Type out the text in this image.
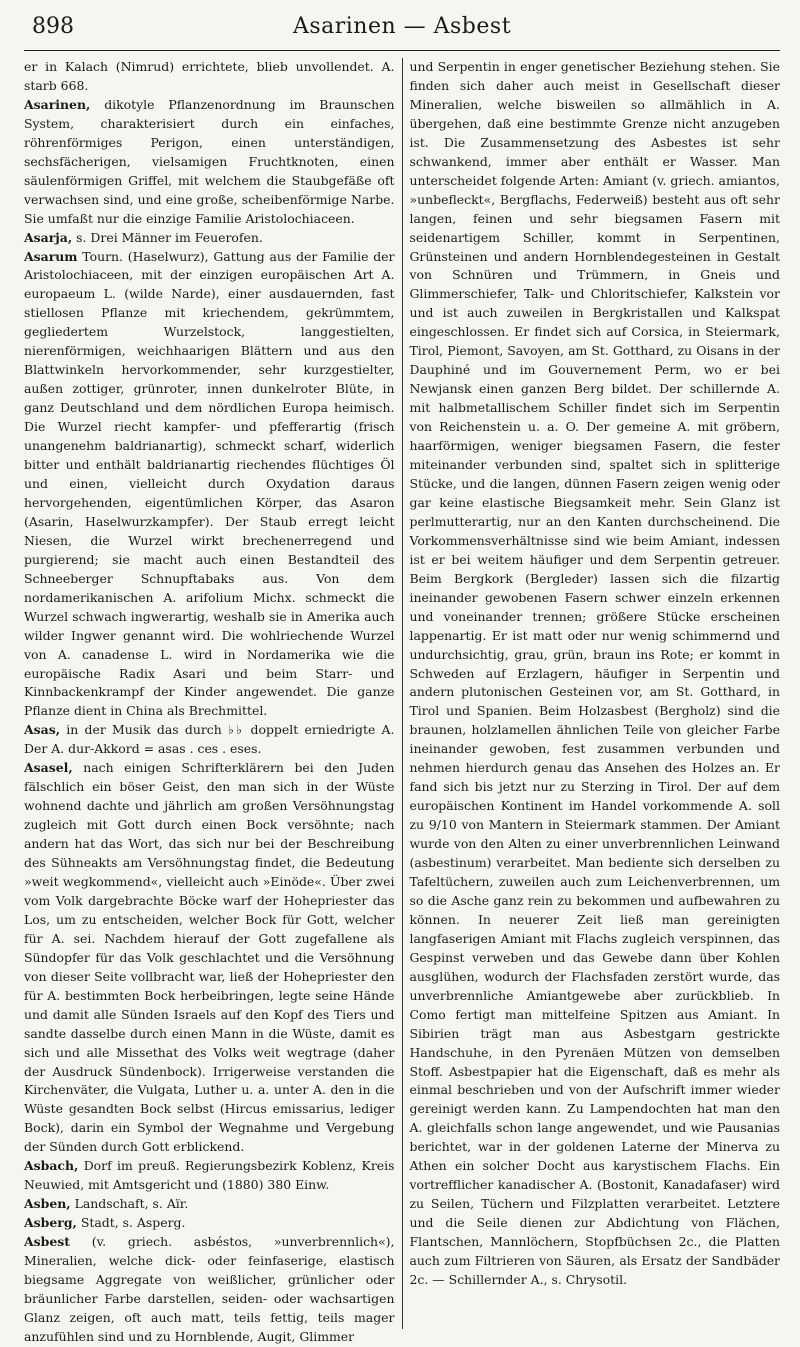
898	Asarinen — Asbest

er in Kalach (Nimrud) errichtete, blieb unvollendet. A. starb 668.

Asarinen, dikotyle Pflanzenordnung im Braunschen System, charakterisiert durch ein einfaches, röhrenförmiges Perigon, einen unterständigen, sechsfächerigen, vielsamigen Fruchtknoten, einen säulenförmigen Griffel, mit welchem die Staubgefäße oft verwachsen sind, und eine große, scheibenförmige Narbe. Sie umfaßt nur die einzige Familie Aristolochiaceen.

Asarja, s. Drei Männer im Feuerofen.

Asarum Tourn. (Haselwurz), Gattung aus der Familie der Aristolochiaceen, mit der einzigen europäischen Art A. europaeum L. (wilde Narde), einer ausdauernden, fast stiellosen Pflanze mit kriechendem, gekrümmtem, gegliedertem Wurzelstock, langgestielten, nierenförmigen, weichhaarigen Blättern und aus den Blattwinkeln hervorkommender, sehr kurzgestielter, außen zottiger, grünroter, innen dunkelroter Blüte, in ganz Deutschland und dem nördlichen Europa heimisch. Die Wurzel riecht kampfer- und pfefferartig (frisch unangenehm baldrianartig), schmeckt scharf, widerlich bitter und enthält baldrianartig riechendes flüchtiges Öl und einen, vielleicht durch Oxydation daraus hervorgehenden, eigentümlichen Körper, das Asaron (Asarin, Haselwurzkampfer). Der Staub erregt leicht Niesen, die Wurzel wirkt brechenerregend und purgierend; sie macht auch einen Bestandteil des Schneeberger Schnupftabaks aus. Von dem nordamerikanischen A. arifolium Michx. schmeckt die Wurzel schwach ingwerartig, weshalb sie in Amerika auch wilder Ingwer genannt wird. Die wohlriechende Wurzel von A. canadense L. wird in Nordamerika wie die europäische Radix Asari und beim Starr- und Kinnbackenkrampf der Kinder angewendet. Die ganze Pflanze dient in China als Brechmittel.

Asas, in der Musik das durch ♭♭ doppelt erniedrigte A. Der A. dur-Akkord = asas . ces . eses.

Asasel, nach einigen Schrifterklärern bei den Juden fälschlich ein böser Geist, den man sich in der Wüste wohnend dachte und jährlich am großen Versöhnungstag zugleich mit Gott durch einen Bock versöhnte; nach andern hat das Wort, das sich nur bei der Beschreibung des Sühneakts am Versöhnungstag findet, die Bedeutung »weit wegkommend«, vielleicht auch »Einöde«. Über zwei vom Volk dargebrachte Böcke warf der Hohepriester das Los, um zu entscheiden, welcher Bock für Gott, welcher für A. sei. Nachdem hierauf der Gott zugefallene als Sündopfer für das Volk geschlachtet und die Versöhnung von dieser Seite vollbracht war, ließ der Hohepriester den für A. bestimmten Bock herbeibringen, legte seine Hände und damit alle Sünden Israels auf den Kopf des Tiers und sandte dasselbe durch einen Mann in die Wüste, damit es sich und alle Missethat des Volks weit wegtrage (daher der Ausdruck Sündenbock). Irrigerweise verstanden die Kirchenväter, die Vulgata, Luther u. a. unter A. den in die Wüste gesandten Bock selbst (Hircus emissarius, lediger Bock), darin ein Symbol der Wegnahme und Vergebung der Sünden durch Gott erblickend.

Asbach, Dorf im preuß. Regierungsbezirk Koblenz, Kreis Neuwied, mit Amtsgericht und (1880) 380 Einw.

Asben, Landschaft, s. Aïr.

Asberg, Stadt, s. Asperg.

Asbest (v. griech. asbéstos, »unverbrennlich«), Mineralien, welche dick- oder feinfaserige, elastisch biegsame Aggregate von weißlicher, grünlicher oder bräunlicher Farbe darstellen, seiden- oder wachsartigen Glanz zeigen, oft auch matt, teils fettig, teils mager anzufühlen sind und zu Hornblende, Augit, Glimmer

und Serpentin in enger genetischer Beziehung stehen. Sie finden sich daher auch meist in Gesellschaft dieser Mineralien, welche bisweilen so allmählich in A. übergehen, daß eine bestimmte Grenze nicht anzugeben ist. Die Zusammensetzung des Asbestes ist sehr schwankend, immer aber enthält er Wasser. Man unterscheidet folgende Arten: Amiant (v. griech. amiantos, »unbefleckt«, Bergflachs, Federweiß) besteht aus oft sehr langen, feinen und sehr biegsamen Fasern mit seidenartigem Schiller, kommt in Serpentinen, Grünsteinen und andern Hornblendegesteinen in Gestalt von Schnüren und Trümmern, in Gneis und Glimmerschiefer, Talk- und Chloritschiefer, Kalkstein vor und ist auch zuweilen in Bergkristallen und Kalkspat eingeschlossen. Er findet sich auf Corsica, in Steiermark, Tirol, Piemont, Savoyen, am St. Gotthard, zu Oisans in der Dauphiné und im Gouvernement Perm, wo er bei Newjansk einen ganzen Berg bildet. Der schillernde A. mit halbmetallischem Schiller findet sich im Serpentin von Reichenstein u. a. O. Der gemeine A. mit gröbern, haarförmigen, weniger biegsamen Fasern, die fester miteinander verbunden sind, spaltet sich in splitterige Stücke, und die langen, dünnen Fasern zeigen wenig oder gar keine elastische Biegsamkeit mehr. Sein Glanz ist perlmutterartig, nur an den Kanten durchscheinend. Die Vorkommensverhältnisse sind wie beim Amiant, indessen ist er bei weitem häufiger und dem Serpentin getreuer. Beim Bergkork (Bergleder) lassen sich die filzartig ineinander gewobenen Fasern schwer einzeln erkennen und voneinander trennen; größere Stücke erscheinen lappenartig. Er ist matt oder nur wenig schimmernd und undurchsichtig, grau, grün, braun ins Rote; er kommt in Schweden auf Erzlagern, häufiger in Serpentin und andern plutonischen Gesteinen vor, am St. Gotthard, in Tirol und Spanien. Beim Holzasbest (Bergholz) sind die braunen, holzlamellen ähnlichen Teile von gleicher Farbe ineinander gewoben, fest zusammen verbunden und nehmen hierdurch genau das Ansehen des Holzes an. Er fand sich bis jetzt nur zu Sterzing in Tirol. Der auf dem europäischen Kontinent im Handel vorkommende A. soll zu 9/10 von Mantern in Steiermark stammen. Der Amiant wurde von den Alten zu einer unverbrennlichen Leinwand (asbestinum) verarbeitet. Man bediente sich derselben zu Tafeltüchern, zuweilen auch zum Leichenverbrennen, um so die Asche ganz rein zu bekommen und aufbewahren zu können. In neuerer Zeit ließ man gereinigten langfaserigen Amiant mit Flachs zugleich verspinnen, das Gespinst verweben und das Gewebe dann über Kohlen ausglühen, wodurch der Flachsfaden zerstört wurde, das unverbrennliche Amiantgewebe aber zurückblieb. In Como fertigt man mittelfeine Spitzen aus Amiant. In Sibirien trägt man aus Asbestgarn gestrickte Handschuhe, in den Pyrenäen Mützen von demselben Stoff. Asbestpapier hat die Eigenschaft, daß es mehr als einmal beschrieben und von der Aufschrift immer wieder gereinigt werden kann. Zu Lampendochten hat man den A. gleichfalls schon lange angewendet, und wie Pausanias berichtet, war in der goldenen Laterne der Minerva zu Athen ein solcher Docht aus karystischem Flachs. Ein vortrefflicher kanadischer A. (Bostonit, Kanadafaser) wird zu Seilen, Tüchern und Filzplatten verarbeitet. Letztere und die Seile dienen zur Abdichtung von Flächen, Flantschen, Mannlöchern, Stopfbüchsen 2c., die Platten auch zum Filtrieren von Säuren, als Ersatz der Sandbäder 2c. — Schillernder A., s. Chrysotil.
